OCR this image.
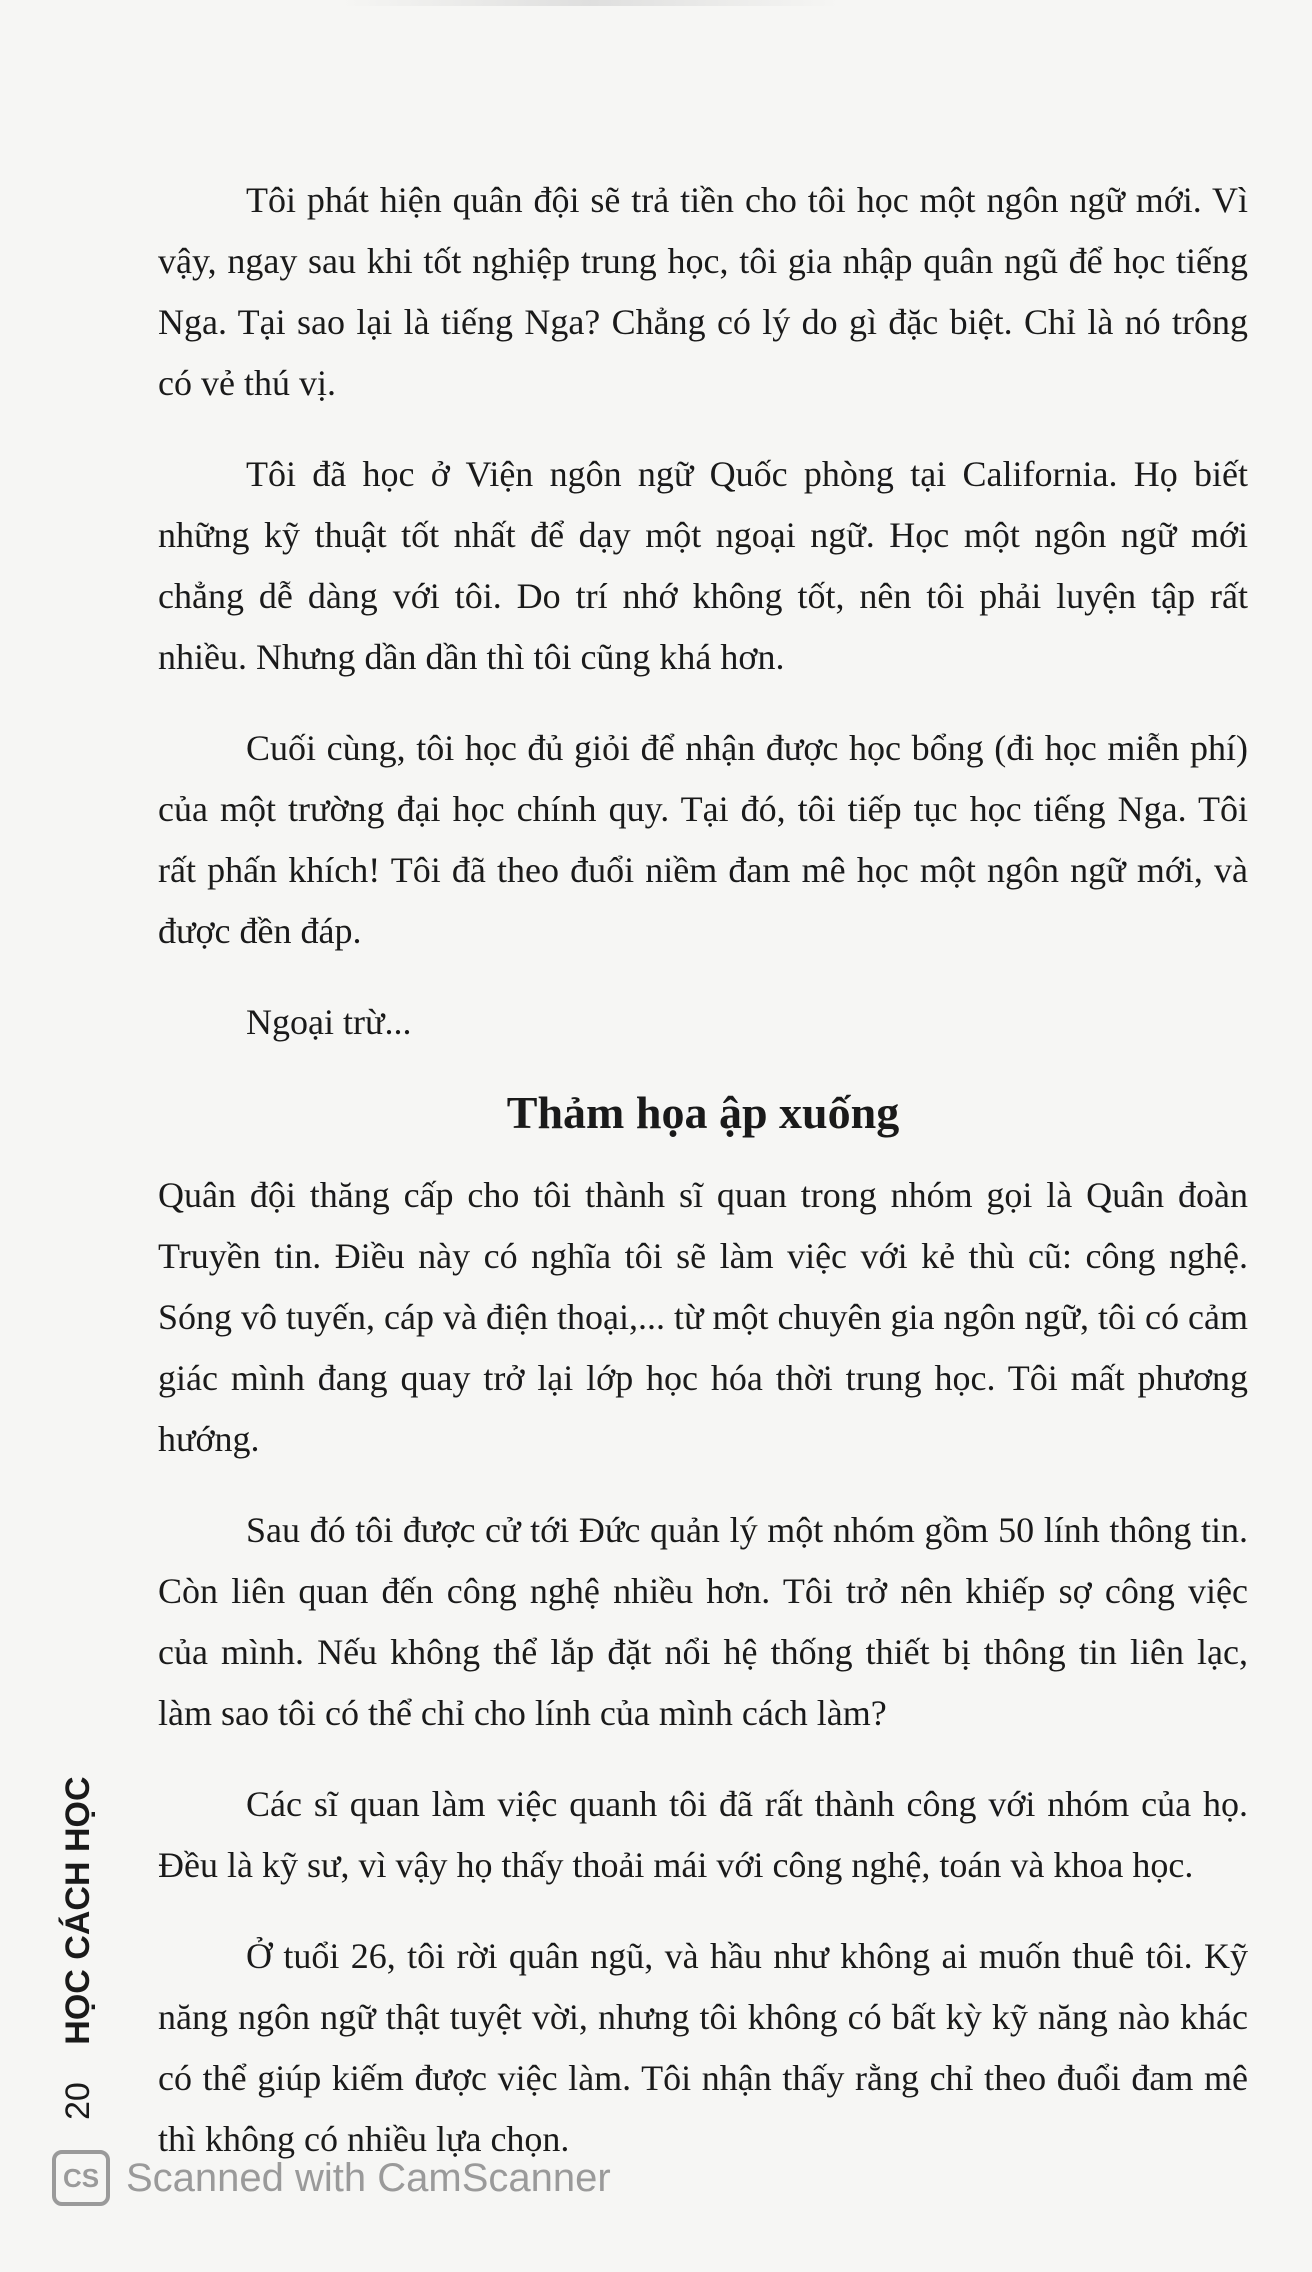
Tôi phát hiện quân đội sẽ trả tiền cho tôi học một ngôn ngữ mới. Vì vậy, ngay sau khi tốt nghiệp trung học, tôi gia nhập quân ngũ để học tiếng Nga. Tại sao lại là tiếng Nga? Chẳng có lý do gì đặc biệt. Chỉ là nó trông có vẻ thú vị.

Tôi đã học ở Viện ngôn ngữ Quốc phòng tại California. Họ biết những kỹ thuật tốt nhất để dạy một ngoại ngữ. Học một ngôn ngữ mới chẳng dễ dàng với tôi. Do trí nhớ không tốt, nên tôi phải luyện tập rất nhiều. Nhưng dần dần thì tôi cũng khá hơn.

Cuối cùng, tôi học đủ giỏi để nhận được học bổng (đi học miễn phí) của một trường đại học chính quy. Tại đó, tôi tiếp tục học tiếng Nga. Tôi rất phấn khích! Tôi đã theo đuổi niềm đam mê học một ngôn ngữ mới, và được đền đáp.

Ngoại trừ...

Thảm họa ập xuống

Quân đội thăng cấp cho tôi thành sĩ quan trong nhóm gọi là Quân đoàn Truyền tin. Điều này có nghĩa tôi sẽ làm việc với kẻ thù cũ: công nghệ. Sóng vô tuyến, cáp và điện thoại,... từ một chuyên gia ngôn ngữ, tôi có cảm giác mình đang quay trở lại lớp học hóa thời trung học. Tôi mất phương hướng.

Sau đó tôi được cử tới Đức quản lý một nhóm gồm 50 lính thông tin. Còn liên quan đến công nghệ nhiều hơn. Tôi trở nên khiếp sợ công việc của mình. Nếu không thể lắp đặt nổi hệ thống thiết bị thông tin liên lạc, làm sao tôi có thể chỉ cho lính của mình cách làm?

Các sĩ quan làm việc quanh tôi đã rất thành công với nhóm của họ. Đều là kỹ sư, vì vậy họ thấy thoải mái với công nghệ, toán và khoa học.

Ở tuổi 26, tôi rời quân ngũ, và hầu như không ai muốn thuê tôi. Kỹ năng ngôn ngữ thật tuyệt vời, nhưng tôi không có bất kỳ kỹ năng nào khác có thể giúp kiếm được việc làm. Tôi nhận thấy rằng chỉ theo đuổi đam mê thì không có nhiều lựa chọn.

20 HỌC CÁCH HỌC
CS Scanned with CamScanner
